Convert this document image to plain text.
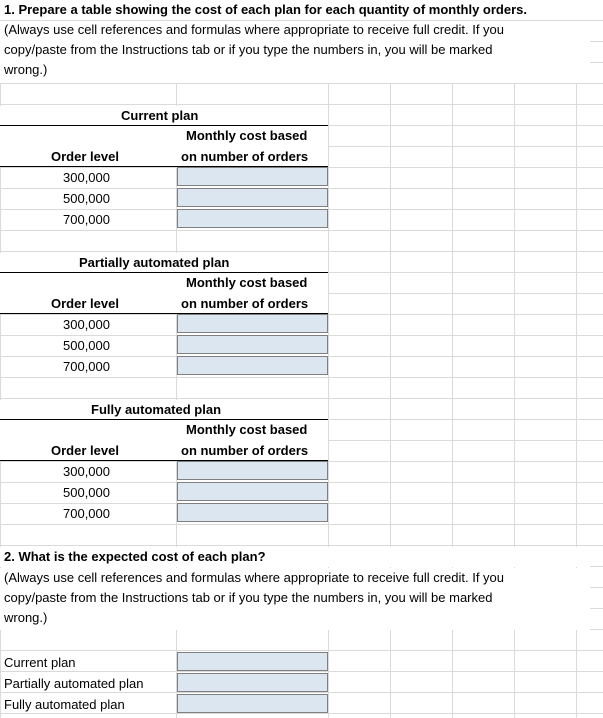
1. Prepare a table showing the cost of each plan for each quantity of monthly orders.
(Always use cell references and formulas where appropriate to receive full credit. If you
copy/paste from the Instructions tab or if you type the numbers in, you will be marked
wrong.)
Current plan
Monthly cost based
Order level	on number of orders
300,000
500,000
700,000
Partially automated plan
Monthly cost based
Order level	on number of orders
300,000
500,000
700,000
Fully automated plan
Monthly cost based
Order level	on number of orders
300,000
500,000
700,000
2. What is the expected cost of each plan?
(Always use cell references and formulas where appropriate to receive full credit. If you
copy/paste from the Instructions tab or if you type the numbers in, you will be marked
wrong.)
Current plan
Partially automated plan
Fully automated plan
